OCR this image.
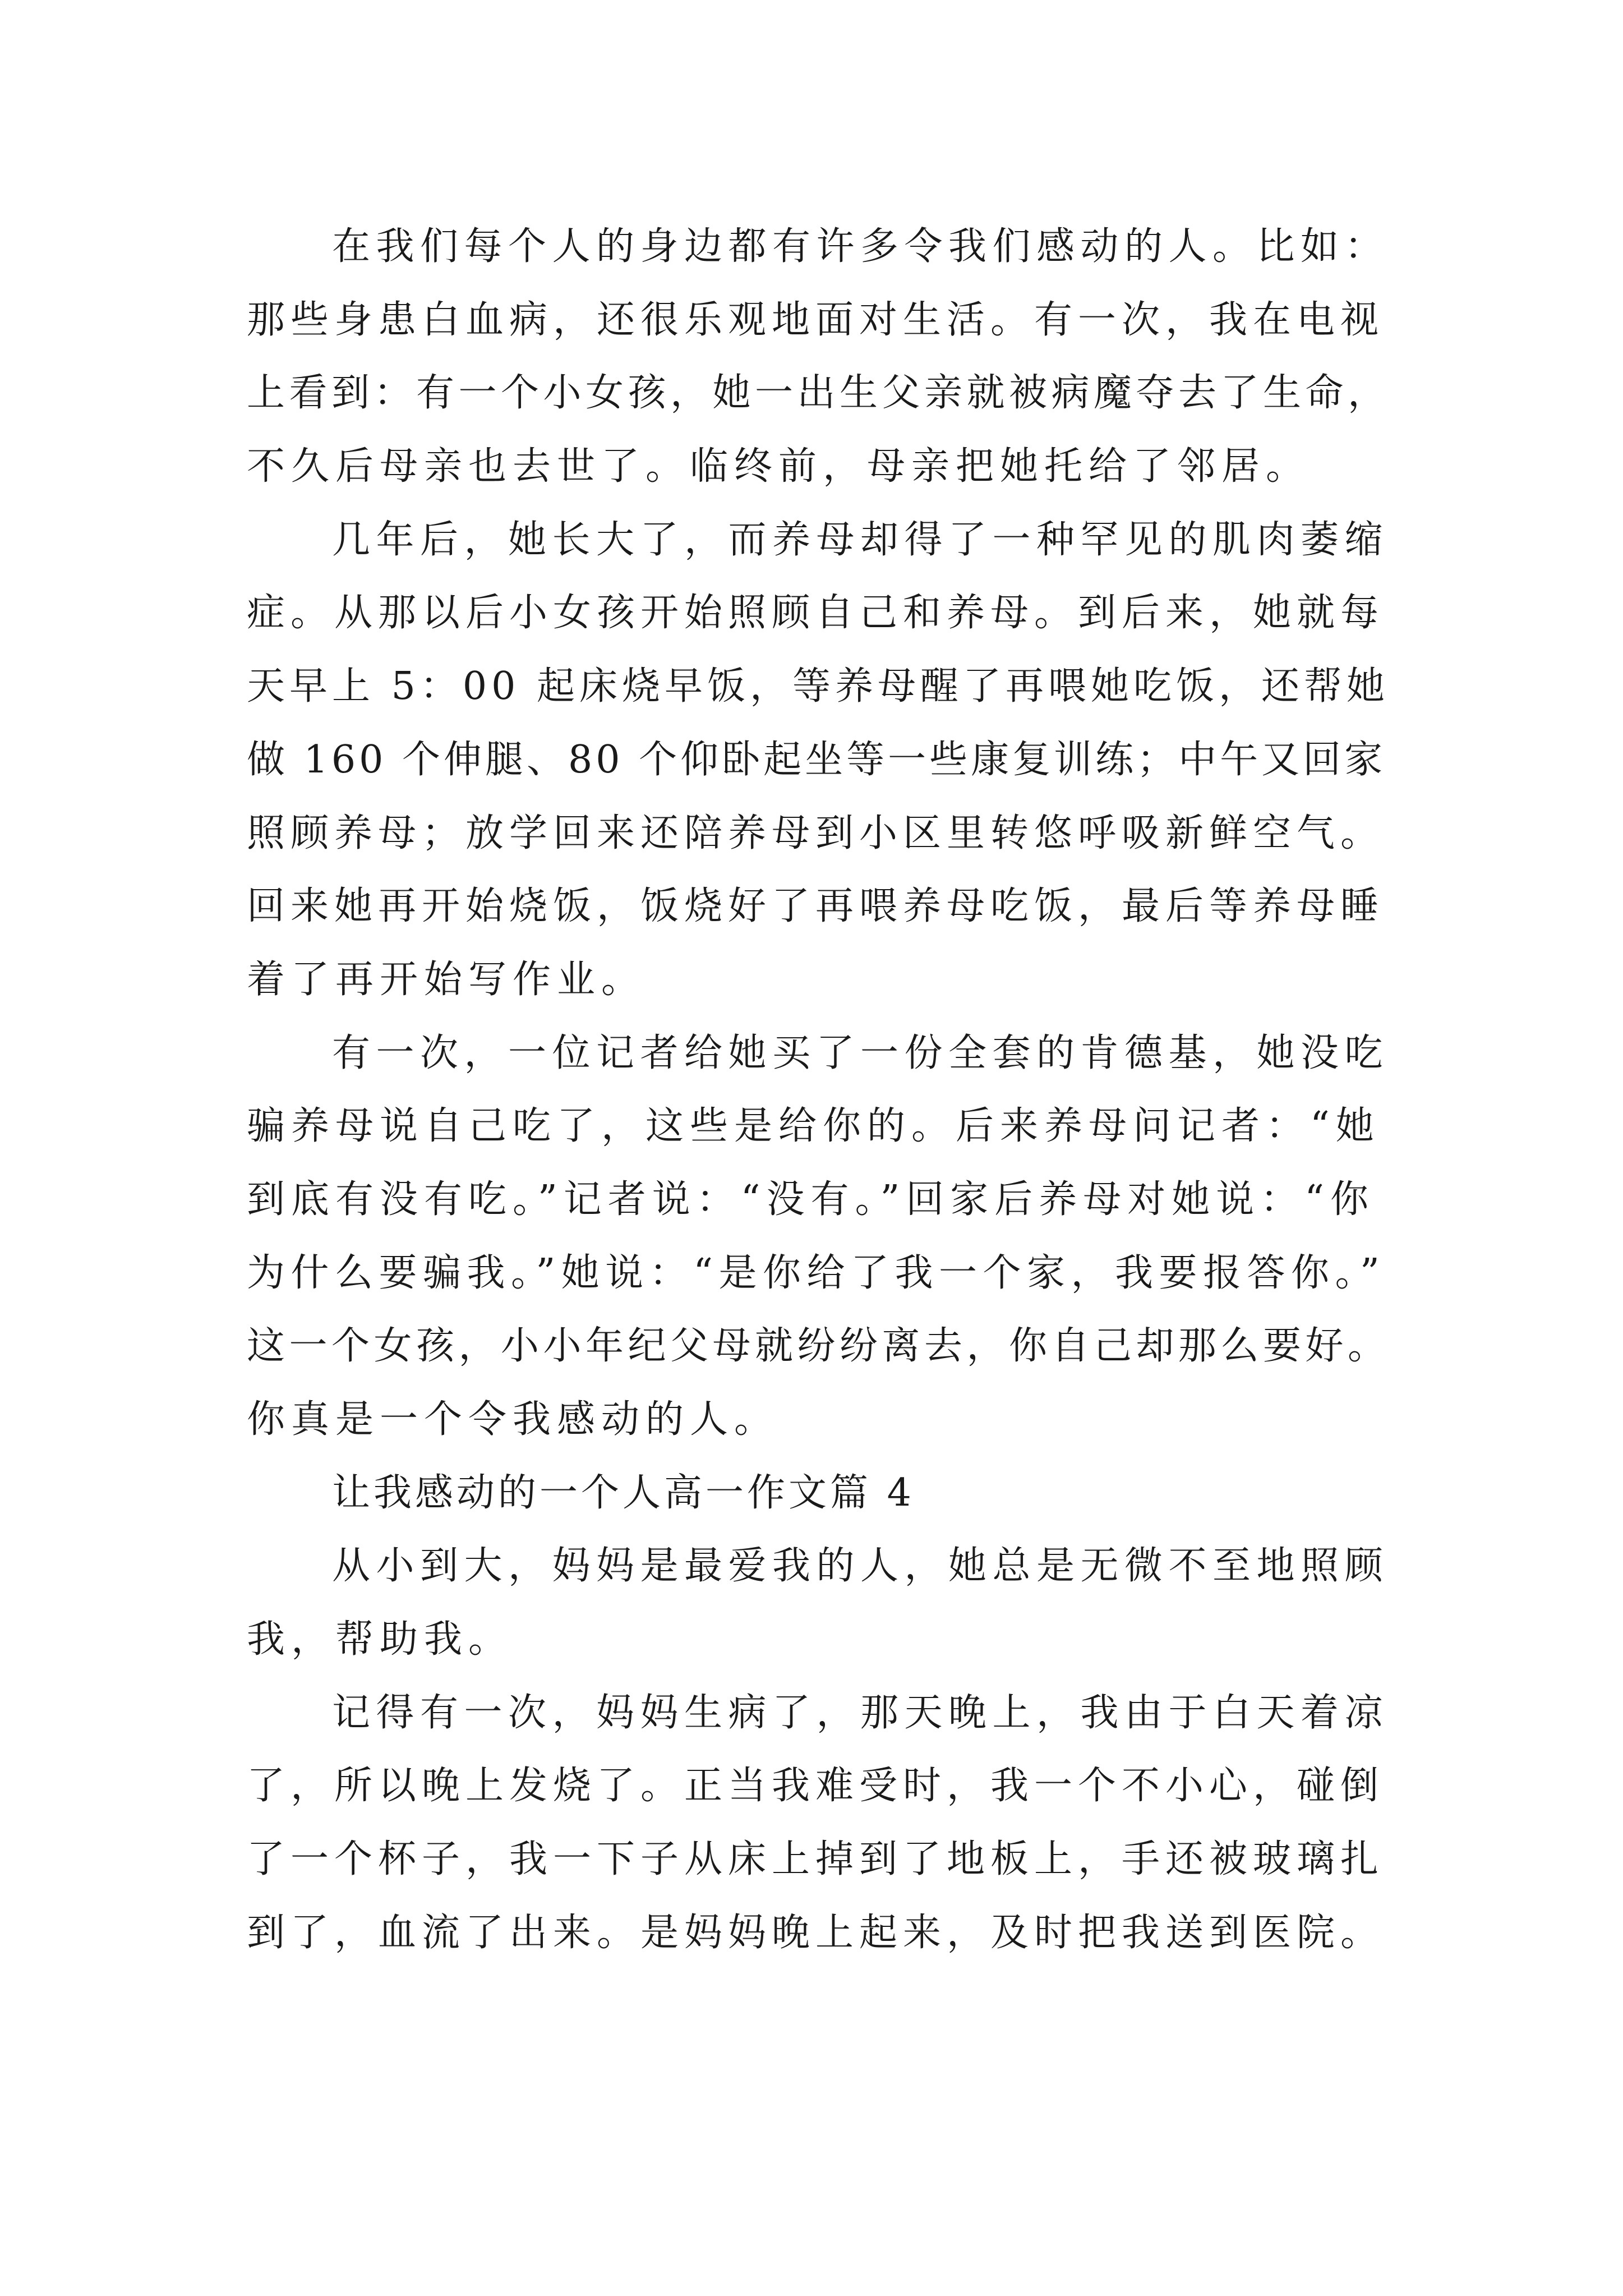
在我们每个人的身边都有许多令我们感动的人。比如：
那些身患白血病，还很乐观地面对生活。有一次，我在电视
上看到：有一个小女孩，她一出生父亲就被病魔夺去了生命，
不久后母亲也去世了。临终前，母亲把她托给了邻居。
几年后，她长大了，而养母却得了一种罕见的肌肉萎缩
症。从那以后小女孩开始照顾自己和养母。到后来，她就每
天早上 5：00 起床烧早饭，等养母醒了再喂她吃饭，还帮她
做 160 个伸腿、80 个仰卧起坐等一些康复训练；中午又回家
照顾养母；放学回来还陪养母到小区里转悠呼吸新鲜空气。
回来她再开始烧饭，饭烧好了再喂养母吃饭，最后等养母睡
着了再开始写作业。
有一次，一位记者给她买了一份全套的肯德基，她没吃
骗养母说自己吃了，这些是给你的。后来养母问记者：“她
到底有没有吃。”记者说：“没有。”回家后养母对她说：“你
为什么要骗我。”她说：“是你给了我一个家，我要报答你。”
这一个女孩，小小年纪父母就纷纷离去，你自己却那么要好。
你真是一个令我感动的人。
让我感动的一个人高一作文篇 4
从小到大，妈妈是最爱我的人，她总是无微不至地照顾
我，帮助我。
记得有一次，妈妈生病了，那天晚上，我由于白天着凉
了，所以晚上发烧了。正当我难受时，我一个不小心，碰倒
了一个杯子，我一下子从床上掉到了地板上，手还被玻璃扎
到了，血流了出来。是妈妈晚上起来，及时把我送到医院。
